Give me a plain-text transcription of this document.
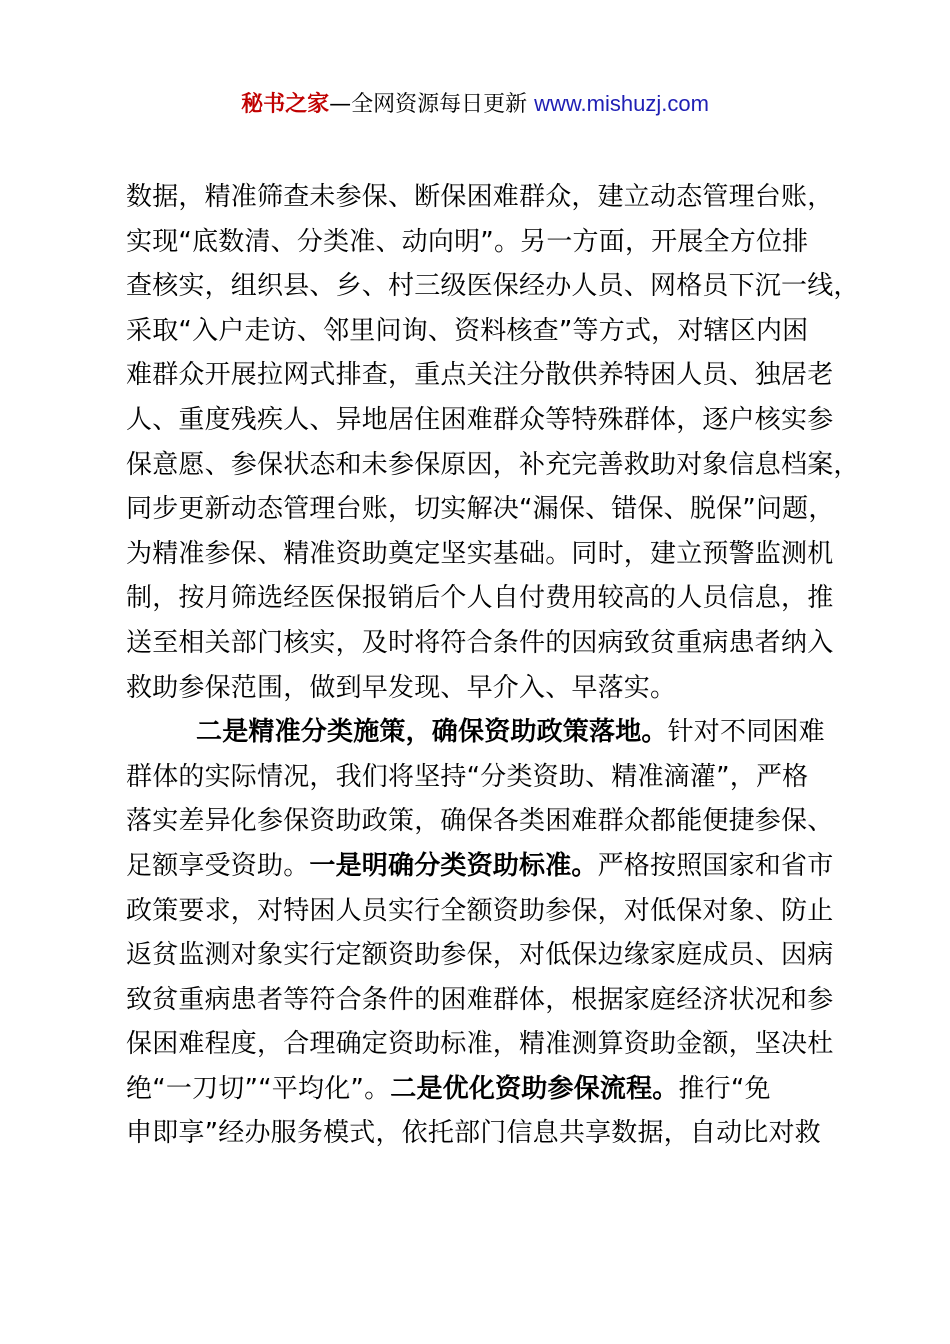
秘书之家—全网资源每日更新 www.mishuzj.com
数据，精准筛查未参保、断保困难群众，建立动态管理台账，
实现“底数清、分类准、动向明”。另一方面，开展全方位排
查核实，组织县、乡、村三级医保经办人员、网格员下沉一线，
采取“入户走访、邻里问询、资料核查”等方式，对辖区内困
难群众开展拉网式排查，重点关注分散供养特困人员、独居老
人、重度残疾人、异地居住困难群众等特殊群体，逐户核实参
保意愿、参保状态和未参保原因，补充完善救助对象信息档案，
同步更新动态管理台账，切实解决“漏保、错保、脱保”问题，
为精准参保、精准资助奠定坚实基础。同时，建立预警监测机
制，按月筛选经医保报销后个人自付费用较高的人员信息，推
送至相关部门核实，及时将符合条件的因病致贫重病患者纳入
救助参保范围，做到早发现、早介入、早落实。
二是精准分类施策，确保资助政策落地。针对不同困难
群体的实际情况，我们将坚持“分类资助、精准滴灌”，严格
落实差异化参保资助政策，确保各类困难群众都能便捷参保、
足额享受资助。一是明确分类资助标准。严格按照国家和省市
政策要求，对特困人员实行全额资助参保，对低保对象、防止
返贫监测对象实行定额资助参保，对低保边缘家庭成员、因病
致贫重病患者等符合条件的困难群体，根据家庭经济状况和参
保困难程度，合理确定资助标准，精准测算资助金额，坚决杜
绝“一刀切”“平均化”。二是优化资助参保流程。推行“免
申即享”经办服务模式，依托部门信息共享数据，自动比对救
